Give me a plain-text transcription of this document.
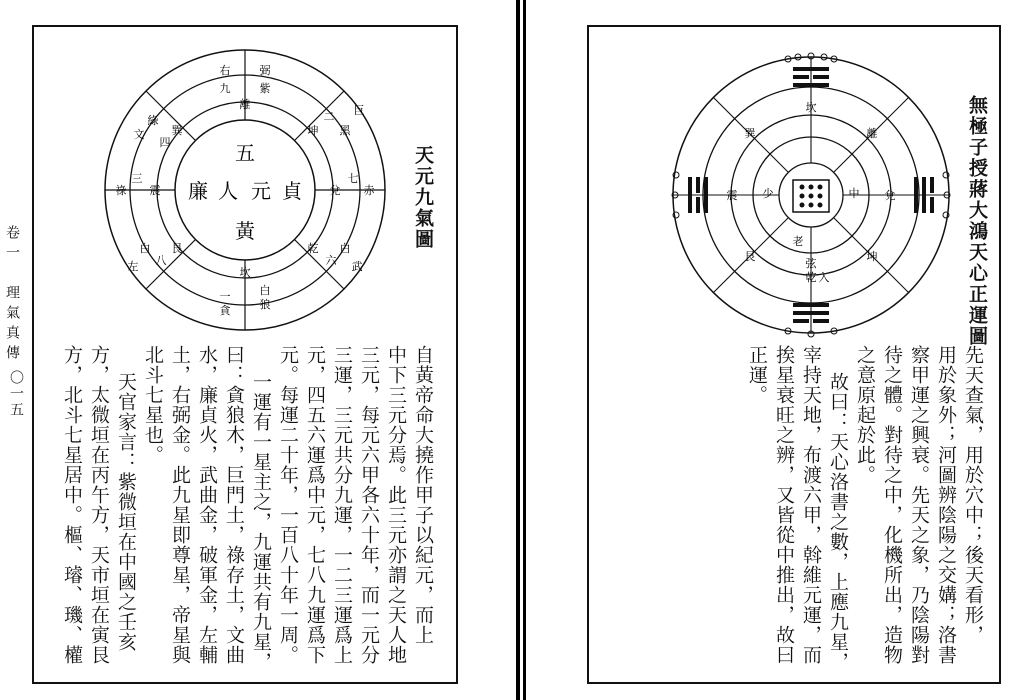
卷一　理氣真傳
〇一五
天元九氣圖
五
廉 人 元 貞
黃
坎
白
狼
一
貪
離
九	紫
右	弼
乾
六
白
武
巽
四
綠
文	坤
二
黑
巨
震
三
祿
艮
八
白
左
兌
七
赤
自黃帝命大撓作甲子以紀元，而上
中下三元分焉。此三元亦謂之天人地
三元，每元六甲各六十年，而一元分
三運，三元共分九運，一二三運爲上
元，四五六運爲中元，七八九運爲下
元。每運二十年，一百八十年一周。
一運有一星主之，九運共有九星，
曰：貪狼木，巨門土，祿存土，文曲
水，廉貞火，武曲金，破軍金，左輔
土，右弼金。此九星即尊星，帝星與
北斗七星也。
天官家言：紫微垣在中國之壬亥
方，太微垣在丙午方，天市垣在寅艮
方，北斗七星居中。樞、璿、璣、權
無極子授蔣大鴻天心正運圖
乾 入
坎
弦
艮
巽	離
坤
兌
震
老
少	中
先天查氣，用於穴中；後天看形，
用於象外；河圖辨陰陽之交媾；洛書
察甲運之興衰。先天之象，乃陰陽對
待之體。對待之中，化機所出，造物
之意原起於此。
故曰：天心洛書之數，上應九星，
宰持天地，布渡六甲，斡維元運，而
挨星衰旺之辨，又皆從中推出，故曰
正運。
